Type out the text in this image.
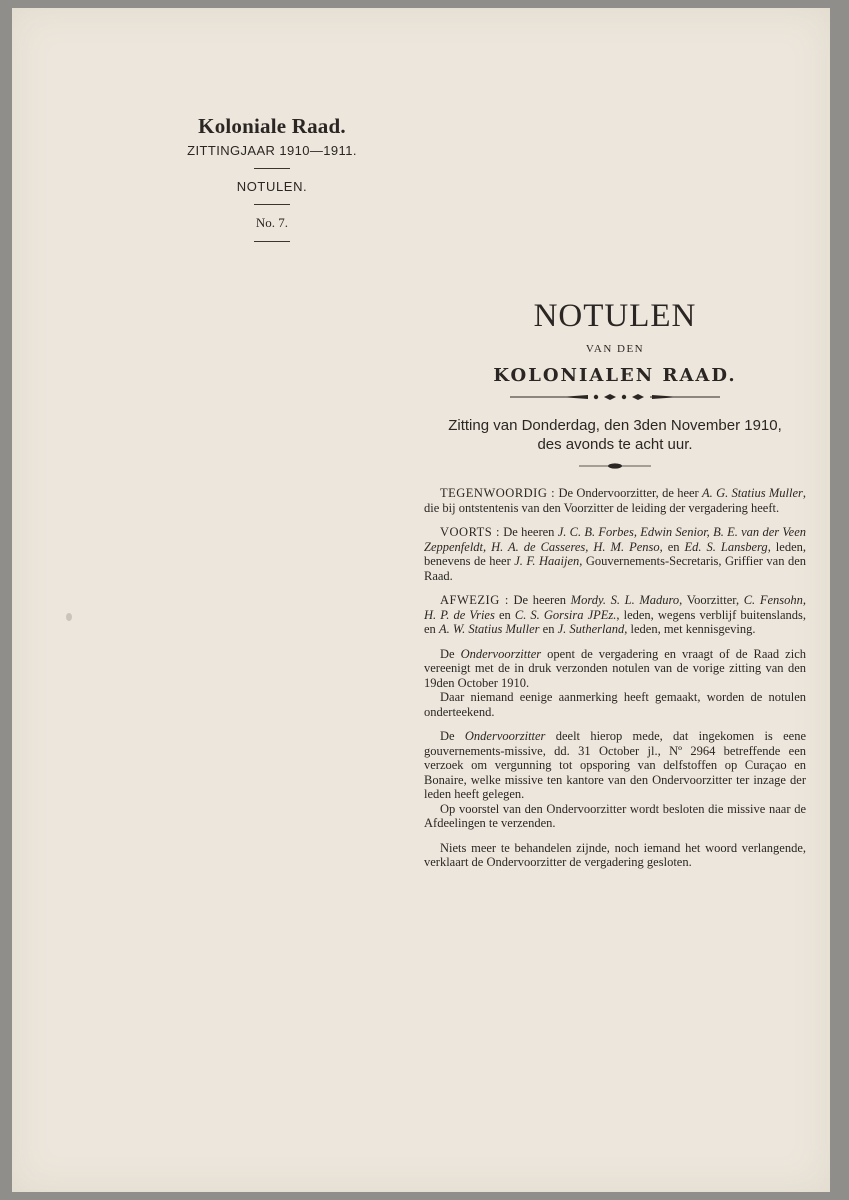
Koloniale Raad.
ZITTINGJAAR 1910—1911.
NOTULEN.
No. 7.
NOTULEN
VAN DEN
KOLONIALEN RAAD.
Zitting van Donderdag, den 3den November 1910,
des avonds te acht uur.

TEGENWOORDIG : De Ondervoorzitter, de heer A. G. Statius Muller, die bij ontstentenis van den Voorzitter de leiding der vergadering heeft.

VOORTS : De heeren J. C. B. Forbes, Edwin Senior, B. E. van der Veen Zeppenfeldt, H. A. de Casseres, H. M. Penso, en Ed. S. Lansberg, leden, benevens de heer J. F. Haaijen, Gouvernements-Secretaris, Griffier van den Raad.

AFWEZIG : De heeren Mordy. S. L. Maduro, Voorzitter, C. Fensohn, H. P. de Vries en C. S. Gorsira JPEz., leden, wegens verblijf buitenslands, en A. W. Statius Muller en J. Sutherland, leden, met kennisgeving.

De Ondervoorzitter opent de vergadering en vraagt of de Raad zich vereenigt met de in druk verzonden notulen van de vorige zitting van den 19den October 1910.

Daar niemand eenige aanmerking heeft gemaakt, worden de notulen onderteekend.

De Ondervoorzitter deelt hierop mede, dat ingekomen is eene gouvernements-missive, dd. 31 October jl., Nº 2964 betreffende een verzoek om vergunning tot opsporing van delfstoffen op Curaçao en Bonaire, welke missive ten kantore van den Ondervoorzitter ter inzage der leden heeft gelegen.

Op voorstel van den Ondervoorzitter wordt besloten die missive naar de Afdeelingen te verzenden.

Niets meer te behandelen zijnde, noch iemand het woord verlangende, verklaart de Ondervoorzitter de vergadering gesloten.
